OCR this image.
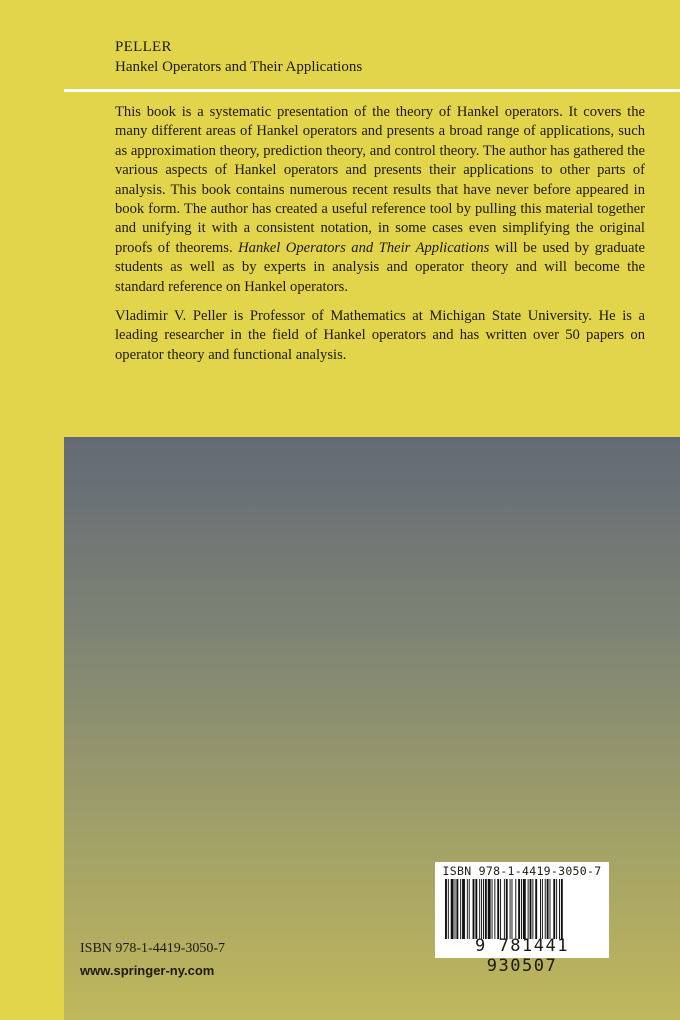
PELLER
Hankel Operators and Their Applications

This book is a systematic presentation of the theory of Hankel operators. It covers the many different areas of Hankel operators and presents a broad range of applications, such as approximation theory, prediction theory, and control theory. The author has gathered the various aspects of Hankel operators and presents their applications to other parts of analysis. This book contains numerous recent results that have never before appeared in book form. The author has created a useful reference tool by pulling this material together and unifying it with a consistent notation, in some cases even simplifying the original proofs of theorems. Hankel Operators and Their Applications will be used by graduate students as well as by experts in analysis and operator theory and will become the standard reference on Hankel operators.

Vladimir V. Peller is Professor of Mathematics at Michigan State University. He is a leading researcher in the field of Hankel operators and has written over 50 papers on operator theory and functional analysis.

ISBN 978-1-4419-3050-7
9 781441 930507
ISBN 978-1-4419-3050-7
www.springer-ny.com
